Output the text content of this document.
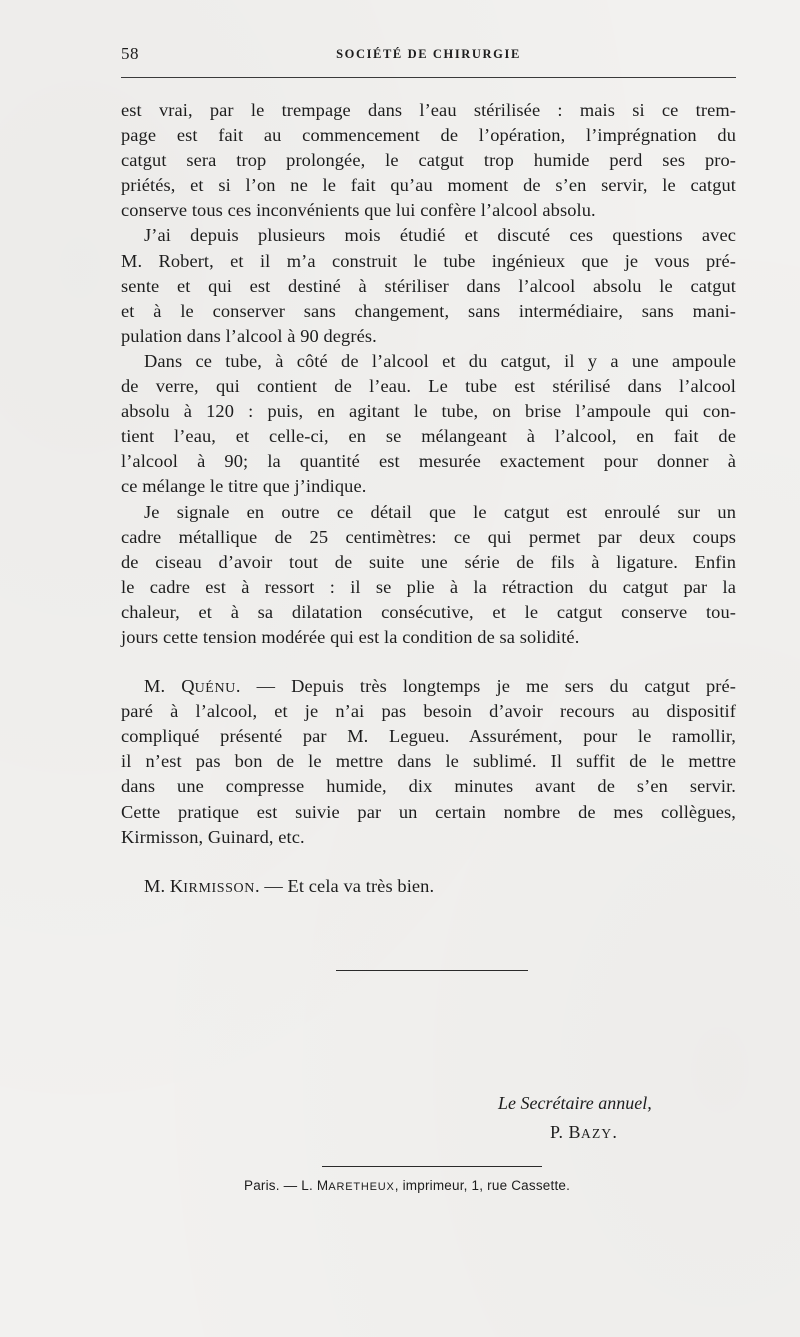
58	SOCIÉTÉ DE CHIRURGIE
est vrai, par le trempage dans l’eau stérilisée : mais si ce trem-
page est fait au commencement de l’opération, l’imprégnation du
catgut sera trop prolongée, le catgut trop humide perd ses pro-
priétés, et si l’on ne le fait qu’au moment de s’en servir, le catgut
conserve tous ces inconvénients que lui confère l’alcool absolu.
J’ai depuis plusieurs mois étudié et discuté ces questions avec
M. Robert, et il m’a construit le tube ingénieux que je vous pré-
sente et qui est destiné à stériliser dans l’alcool absolu le catgut
et à le conserver sans changement, sans intermédiaire, sans mani-
pulation dans l’alcool à 90 degrés.
Dans ce tube, à côté de l’alcool et du catgut, il y a une ampoule
de verre, qui contient de l’eau. Le tube est stérilisé dans l’alcool
absolu à 120 : puis, en agitant le tube, on brise l’ampoule qui con-
tient l’eau, et celle-ci, en se mélangeant à l’alcool, en fait de
l’alcool à 90; la quantité est mesurée exactement pour donner à
ce mélange le titre que j’indique.
Je signale en outre ce détail que le catgut est enroulé sur un
cadre métallique de 25 centimètres: ce qui permet par deux coups
de ciseau d’avoir tout de suite une série de fils à ligature. Enfin
le cadre est à ressort : il se plie à la rétraction du catgut par la
chaleur, et à sa dilatation consécutive, et le catgut conserve tou-
jours cette tension modérée qui est la condition de sa solidité.
M. QUÉNU. — Depuis très longtemps je me sers du catgut pré-
paré à l’alcool, et je n’ai pas besoin d’avoir recours au dispositif
compliqué présenté par M. Legueu. Assurément, pour le ramollir,
il n’est pas bon de le mettre dans le sublimé. Il suffit de le mettre
dans une compresse humide, dix minutes avant de s’en servir.
Cette pratique est suivie par un certain nombre de mes collègues,
Kirmisson, Guinard, etc.
M. KIRMISSON. — Et cela va très bien.
Le Secrétaire annuel,
P. BAZY.
Paris. — L. MARETHEUX, imprimeur, 1, rue Cassette.
